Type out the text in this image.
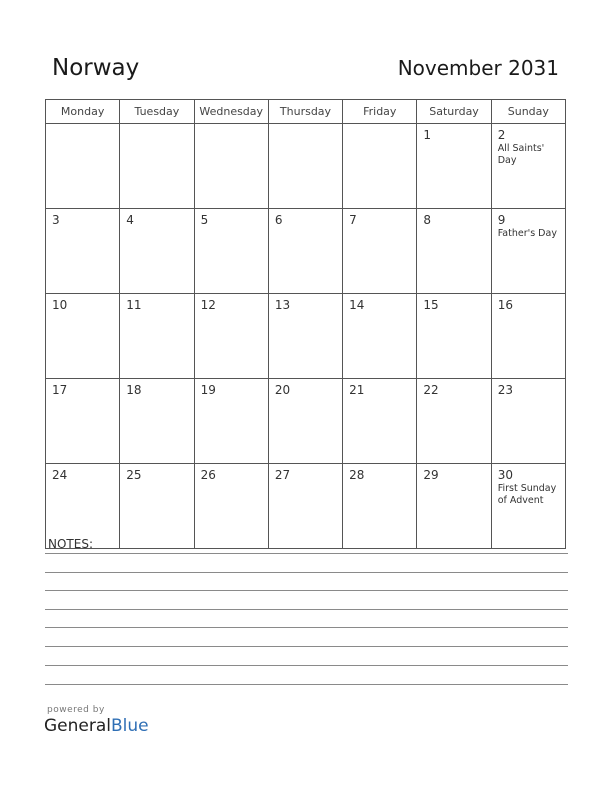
Norway	November 2031
Monday	Tuesday	Wednesday	Thursday	Friday	Saturday	Sunday

					1	2
All Saints' Day

3	4	5	6	7	8	9
Father's Day

10	11	12	13	14	15	16

17	18	19	20	21	22	23

24	25	26	27	28	29	30
First Sunday of Advent
NOTES:
powered by
GeneralBlue
